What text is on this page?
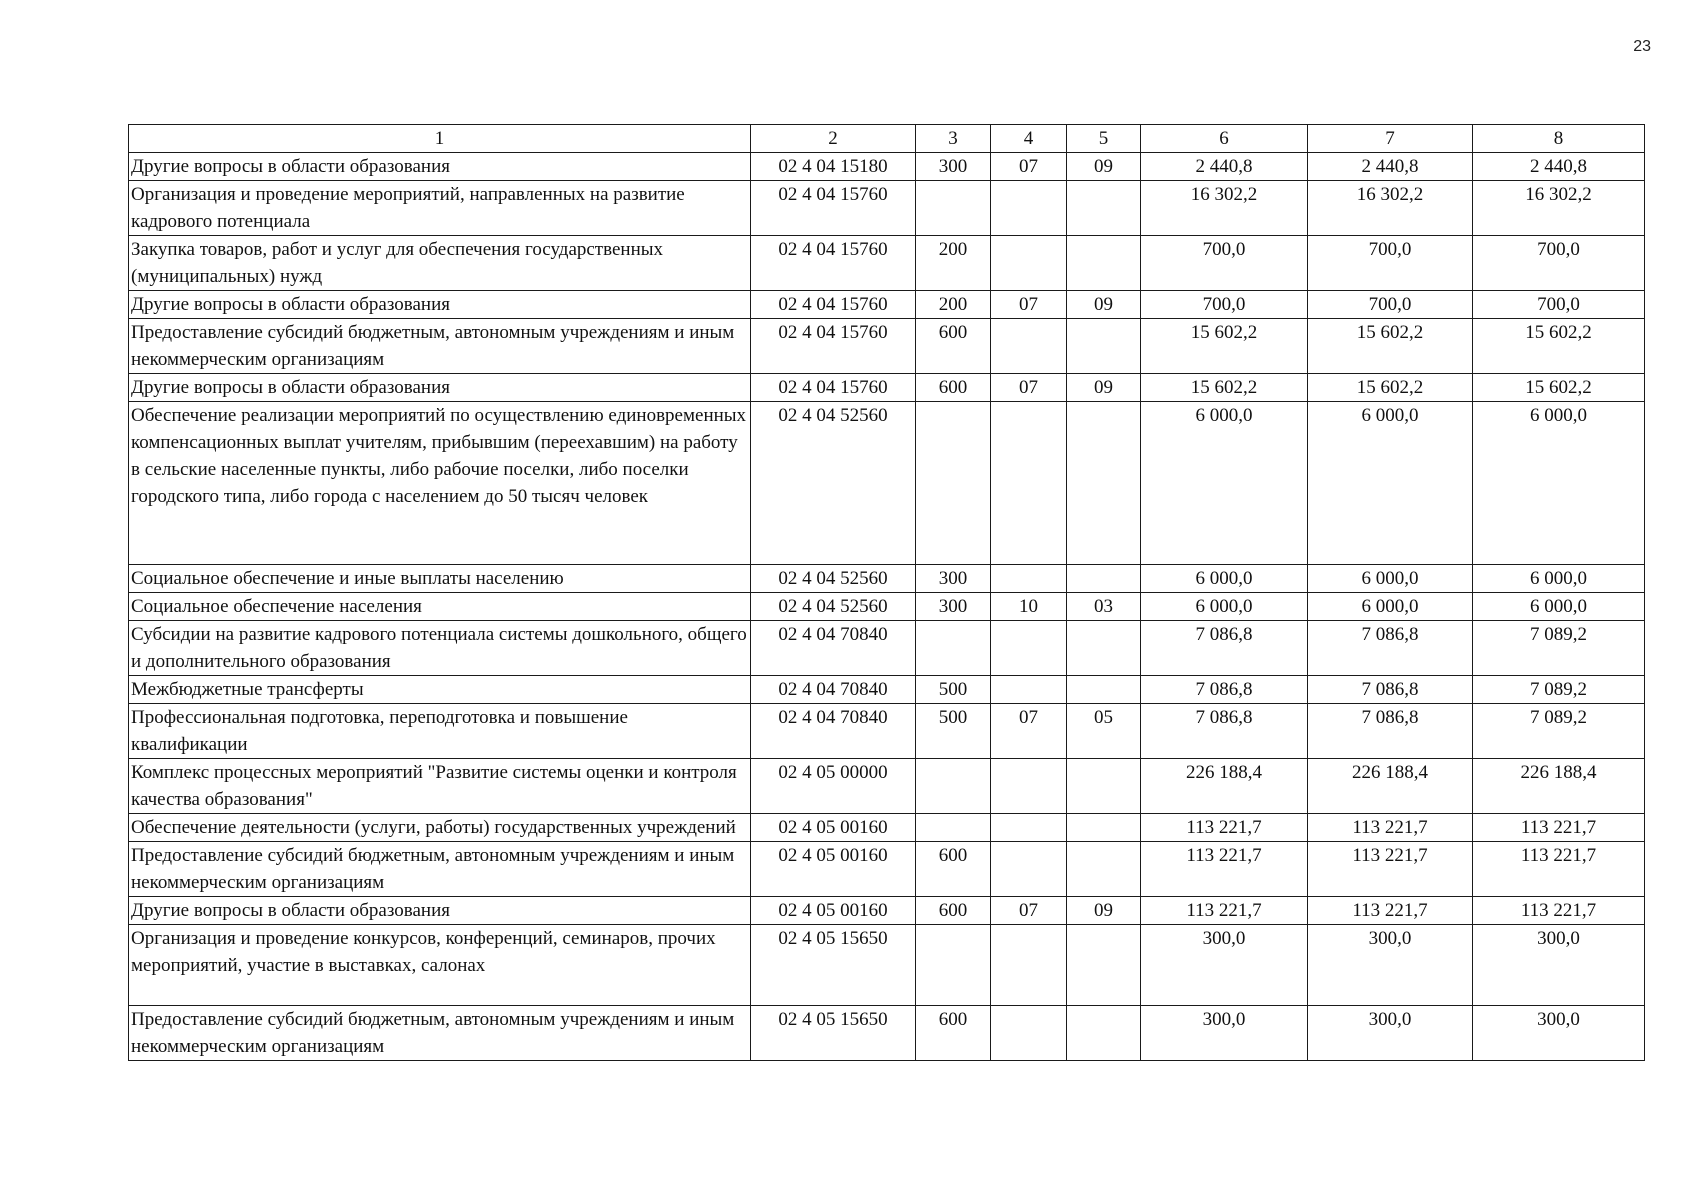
23
1	2	3	4	5	6	7	8
Другие вопросы в области образования	02 4 04 15180	300	07	09	2 440,8	2 440,8	2 440,8
Организация и проведение мероприятий, направленных на развитие кадрового потенциала	02 4 04 15760				16 302,2	16 302,2	16 302,2
Закупка товаров, работ и услуг для обеспечения государственных (муниципальных) нужд	02 4 04 15760	200			700,0	700,0	700,0
Другие вопросы в области образования	02 4 04 15760	200	07	09	700,0	700,0	700,0
Предоставление субсидий бюджетным, автономным учреждениям и иным некоммерческим организациям	02 4 04 15760	600			15 602,2	15 602,2	15 602,2
Другие вопросы в области образования	02 4 04 15760	600	07	09	15 602,2	15 602,2	15 602,2
Обеспечение реализации мероприятий по осуществлению единовременных компенсационных выплат учителям, прибывшим (переехавшим) на работу в сельские населенные пункты, либо рабочие поселки, либо поселки городского типа, либо города с населением до 50 тысяч человек	02 4 04 52560				6 000,0	6 000,0	6 000,0
Социальное обеспечение и иные выплаты населению	02 4 04 52560	300			6 000,0	6 000,0	6 000,0
Социальное обеспечение населения	02 4 04 52560	300	10	03	6 000,0	6 000,0	6 000,0
Субсидии на развитие кадрового потенциала системы дошкольного, общего и дополнительного образования	02 4 04 70840				7 086,8	7 086,8	7 089,2
Межбюджетные трансферты	02 4 04 70840	500			7 086,8	7 086,8	7 089,2
Профессиональная подготовка, переподготовка и повышение квалификации	02 4 04 70840	500	07	05	7 086,8	7 086,8	7 089,2
Комплекс процессных мероприятий "Развитие системы оценки и контроля качества образования"	02 4 05 00000				226 188,4	226 188,4	226 188,4
Обеспечение деятельности (услуги, работы) государственных учреждений	02 4 05 00160				113 221,7	113 221,7	113 221,7
Предоставление субсидий бюджетным, автономным учреждениям и иным некоммерческим организациям	02 4 05 00160	600			113 221,7	113 221,7	113 221,7
Другие вопросы в области образования	02 4 05 00160	600	07	09	113 221,7	113 221,7	113 221,7
Организация и проведение конкурсов, конференций, семинаров, прочих мероприятий, участие в выставках, салонах	02 4 05 15650				300,0	300,0	300,0
Предоставление субсидий бюджетным, автономным учреждениям и иным некоммерческим организациям	02 4 05 15650	600			300,0	300,0	300,0
